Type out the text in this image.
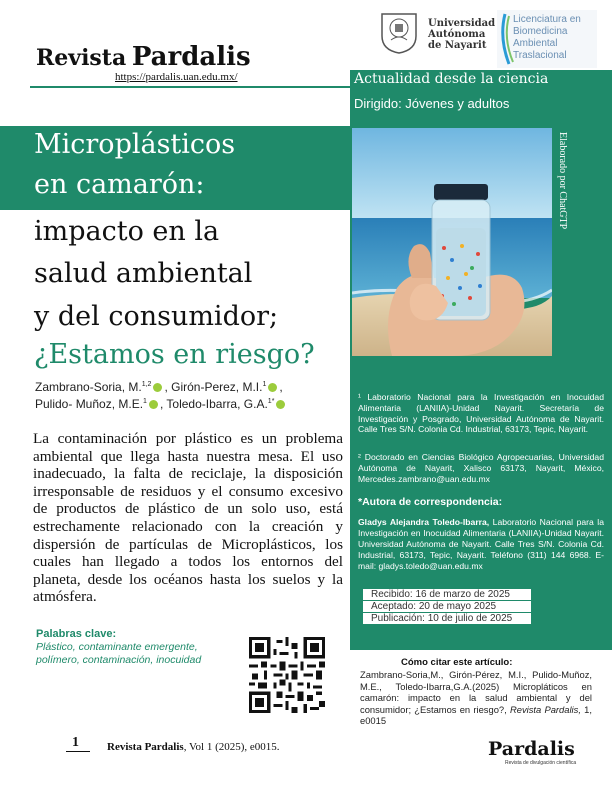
Revista Pardalis
https://pardalis.uan.edu.mx/
Universidad
Autónoma
de Nayarit
Licenciatura en
Biomedicina
Ambiental
Traslacional
Actualidad desde la ciencia
Dirigido: Jóvenes y adultos
Microplásticos
en camarón:
impacto en la
salud ambiental
y del consumidor;
¿Estamos en riesgo?
Zambrano-Soria, M.$^{1,2}$ , Girón-Perez, M.I.$^1$ ,
Pulido- Muñoz, M.E.$^1$ , Toledo-Ibarra, G.A.$^{1*}$
La contaminación por plástico es un problema ambiental que llega hasta nuestra mesa. El uso inadecuado, la falta de reciclaje, la disposición irresponsable de residuos y el consumo excesivo de productos de plástico de un solo uso, está estrechamente relacionado con la creación y dispersión de partículas de Microplásticos, los cuales han llegado a todos los entornos del planeta, desde los océanos hasta los suelos y la atmósfera.
Palabras clave:
Plástico, contaminante emergente, polímero, contaminación, inocuidad
Elaborado por ChatGTP
¹ Laboratorio Nacional para la Investigación en Inocuidad Alimentaria (LANIIA)-Unidad Nayarit. Secretaría de Investigación y Posgrado, Universidad Autónoma de Nayarit. Calle Tres S/N. Colonia Cd. Industrial, 63173, Tepic, Nayarit.
² Doctorado en Ciencias Biológico Agropecuarias, Universidad Autónoma de Nayarit, Xalisco 63173, Nayarit, México, Mercedes.zambrano@uan.edu.mx
*Autora de correspondencia:
Gladys Alejandra Toledo-Ibarra, Laboratorio Nacional para la Investigación en Inocuidad Alimentaria (LANIIA)-Unidad Nayarit. Universidad Autónoma de Nayarit. Calle Tres S/N. Colonia Cd. Industrial, 63173, Tepic, Nayarit. Teléfono (311) 144 6968. E-mail: gladys.toledo@uan.edu.mx
Recibido: 16 de marzo de 2025
Aceptado: 20 de mayo 2025
Publicación: 10 de julio de 2025
Cómo citar este artículo:
Zambrano-Soria,M., Girón-Pérez, M.I., Pulido-Muñoz, M.E., Toledo-Ibarra,G.A.(2025) Micropláticos en camarón: impacto en la salud ambiental y del consumidor; ¿Estamos en riesgo?, Revista Pardalis, 1, e0015
1	Revista Pardalis, Vol 1 (2025), e0015.	Pardalis
Revista de divulgación científica
